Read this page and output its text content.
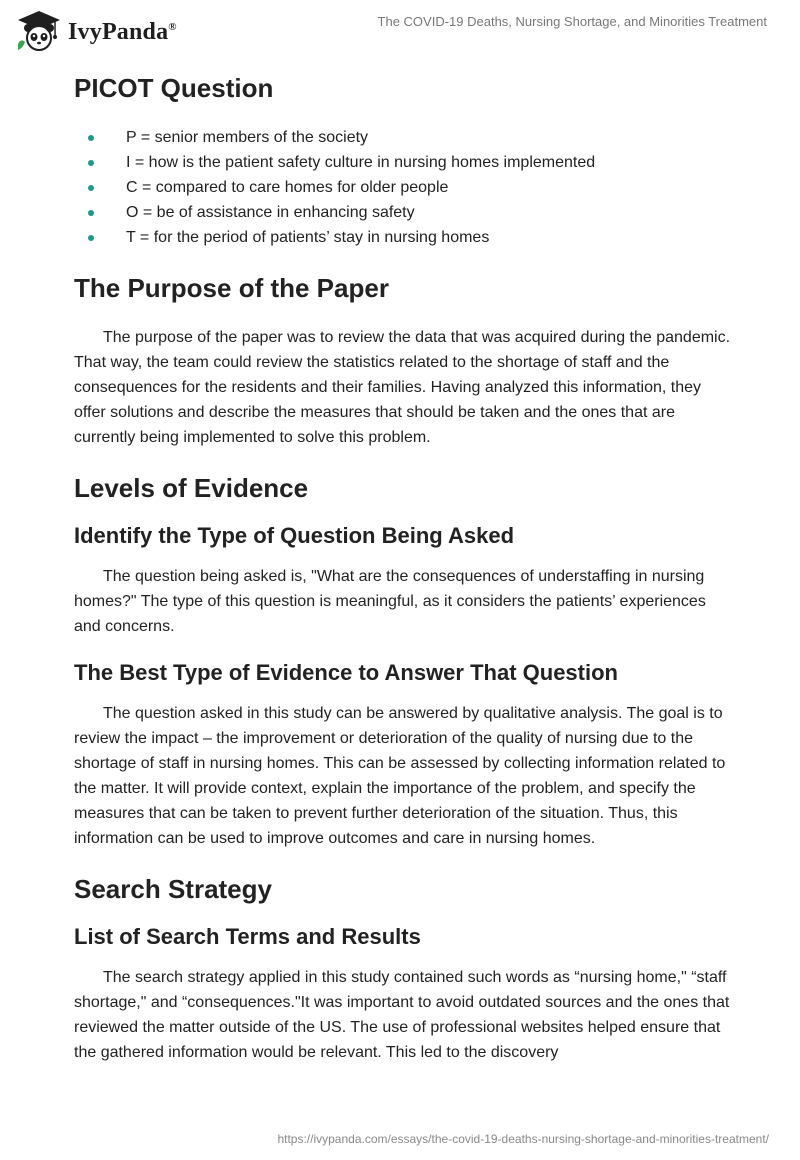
IvyPanda®	The COVID-19 Deaths, Nursing Shortage, and Minorities Treatment
PICOT Question
P = senior members of the society
I = how is the patient safety culture in nursing homes implemented
C = compared to care homes for older people
O = be of assistance in enhancing safety
T = for the period of patients’ stay in nursing homes
The Purpose of the Paper

The purpose of the paper was to review the data that was acquired during the pandemic. That way, the team could review the statistics related to the shortage of staff and the consequences for the residents and their families. Having analyzed this information, they offer solutions and describe the measures that should be taken and the ones that are currently being implemented to solve this problem.

Levels of Evidence
Identify the Type of Question Being Asked

The question being asked is, "What are the consequences of understaffing in nursing homes?" The type of this question is meaningful, as it considers the patients’ experiences and concerns.

The Best Type of Evidence to Answer That Question

The question asked in this study can be answered by qualitative analysis. The goal is to review the impact – the improvement or deterioration of the quality of nursing due to the shortage of staff in nursing homes. This can be assessed by collecting information related to the matter. It will provide context, explain the importance of the problem, and specify the measures that can be taken to prevent further deterioration of the situation. Thus, this information can be used to improve outcomes and care in nursing homes.

Search Strategy
List of Search Terms and Results

The search strategy applied in this study contained such words as “nursing home," “staff shortage," and “consequences."It was important to avoid outdated sources and the ones that reviewed the matter outside of the US. The use of professional websites helped ensure that the gathered information would be relevant. This led to the discovery

https://ivypanda.com/essays/the-covid-19-deaths-nursing-shortage-and-minorities-treatment/
